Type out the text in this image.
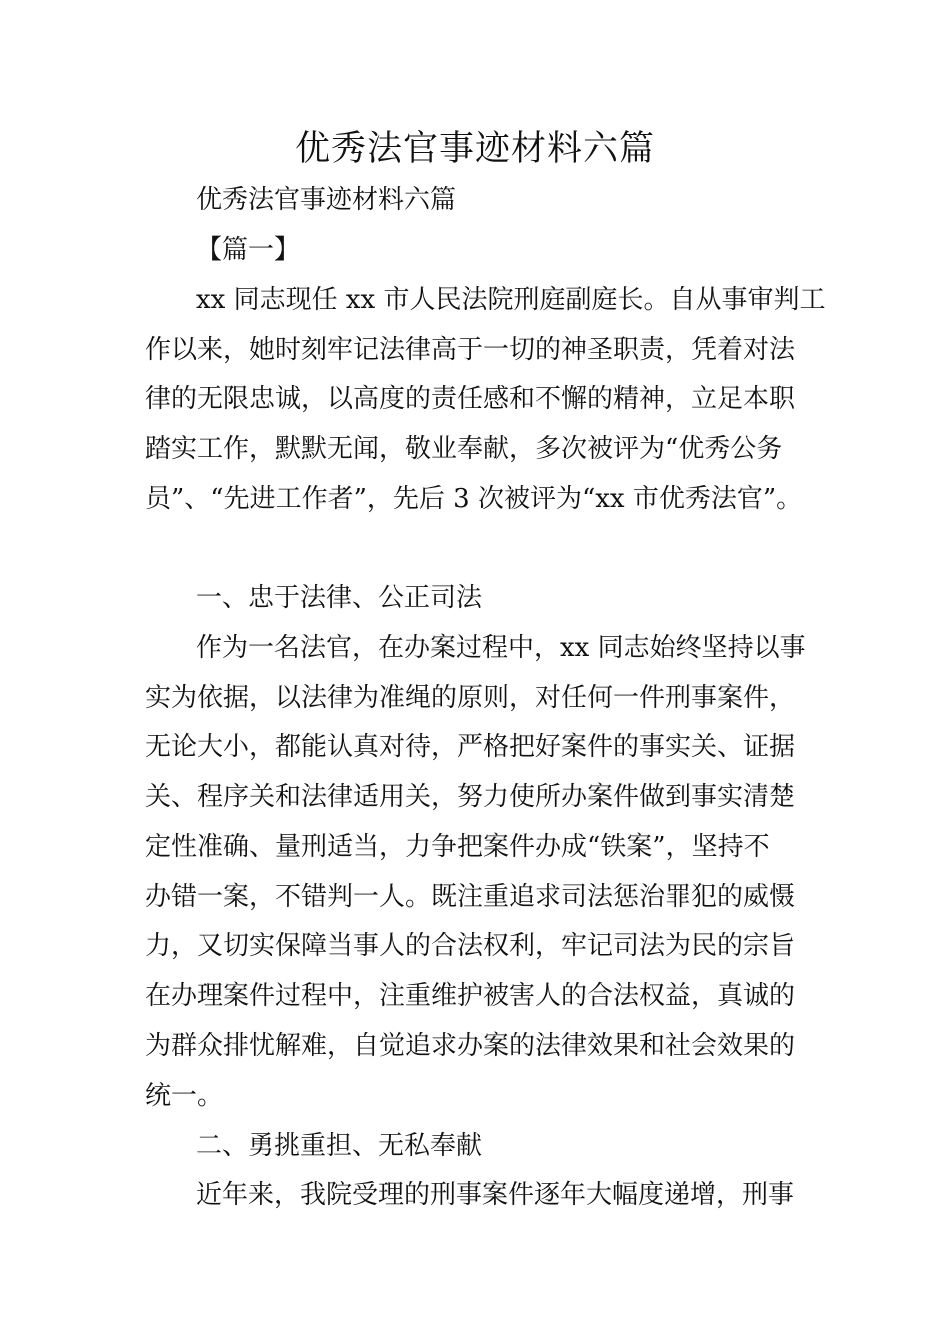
优秀法官事迹材料六篇
优秀法官事迹材料六篇
【篇一】
xx 同志现任 xx 市人民法院刑庭副庭长。自从事审判工
作以来，她时刻牢记法律高于一切的神圣职责，凭着对法
律的无限忠诚，以高度的责任感和不懈的精神，立足本职
踏实工作，默默无闻，敬业奉献，多次被评为“优秀公务
员”、“先进工作者”，先后 3 次被评为“xx 市优秀法官”。
一、忠于法律、公正司法
作为一名法官，在办案过程中，xx 同志始终坚持以事
实为依据，以法律为准绳的原则，对任何一件刑事案件，
无论大小，都能认真对待，严格把好案件的事实关、证据
关、程序关和法律适用关，努力使所办案件做到事实清楚
定性准确、量刑适当，力争把案件办成“铁案”，坚持不
办错一案，不错判一人。既注重追求司法惩治罪犯的威慑
力，又切实保障当事人的合法权利，牢记司法为民的宗旨
在办理案件过程中，注重维护被害人的合法权益，真诚的
为群众排忧解难，自觉追求办案的法律效果和社会效果的
统一。
二、勇挑重担、无私奉献
近年来，我院受理的刑事案件逐年大幅度递增，刑事
